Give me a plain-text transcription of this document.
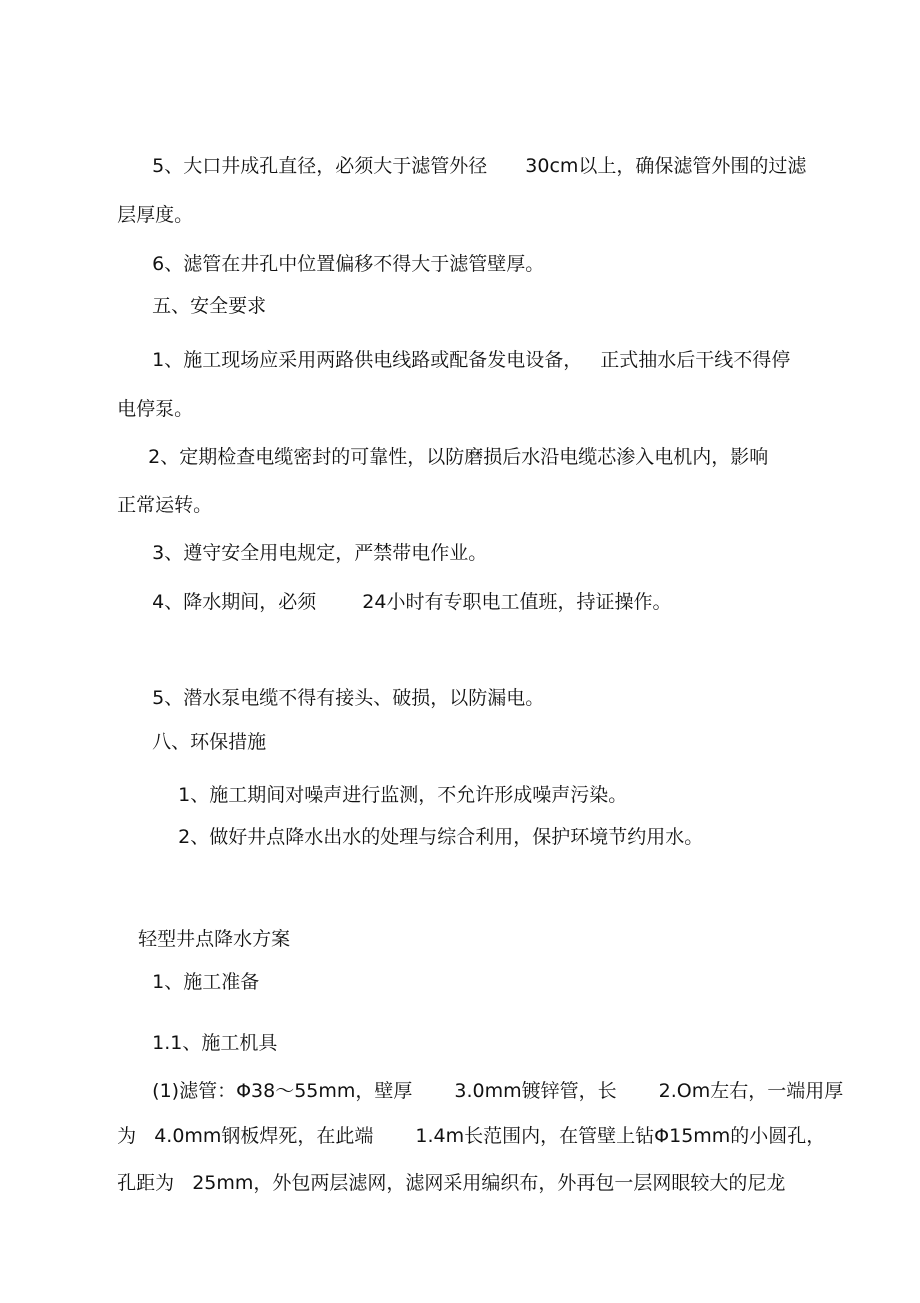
5、大口井成孔直径，必须大于滤管外径 30cm以上，确保滤管外围的过滤

层厚度。

6、滤管在井孔中位置偏移不得大于滤管壁厚。

五、安全要求

1、施工现场应采用两路供电线路或配备发电设备， 正式抽水后干线不得停

电停泵。

2、定期检查电缆密封的可靠性，以防磨损后水沿电缆芯渗入电机内，影响

正常运转。

3、遵守安全用电规定，严禁带电作业。

4、降水期间，必须 24小时有专职电工值班，持证操作。

5、潜水泵电缆不得有接头、破损，以防漏电。

八、环保措施

1、施工期间对噪声进行监测，不允许形成噪声污染。

2、做好井点降水出水的处理与综合利用，保护环境节约用水。

轻型井点降水方案

1、施工准备

1.1、施工机具

(1)滤管：Φ38～55mm，壁厚 3.0mm镀锌管，长 2.Om左右，一端用厚

为 4.0mm钢板焊死，在此端 1.4m长范围内，在管壁上钻Φ15mm的小圆孔，

孔距为 25mm，外包两层滤网，滤网采用编织布，外再包一层网眼较大的尼龙
